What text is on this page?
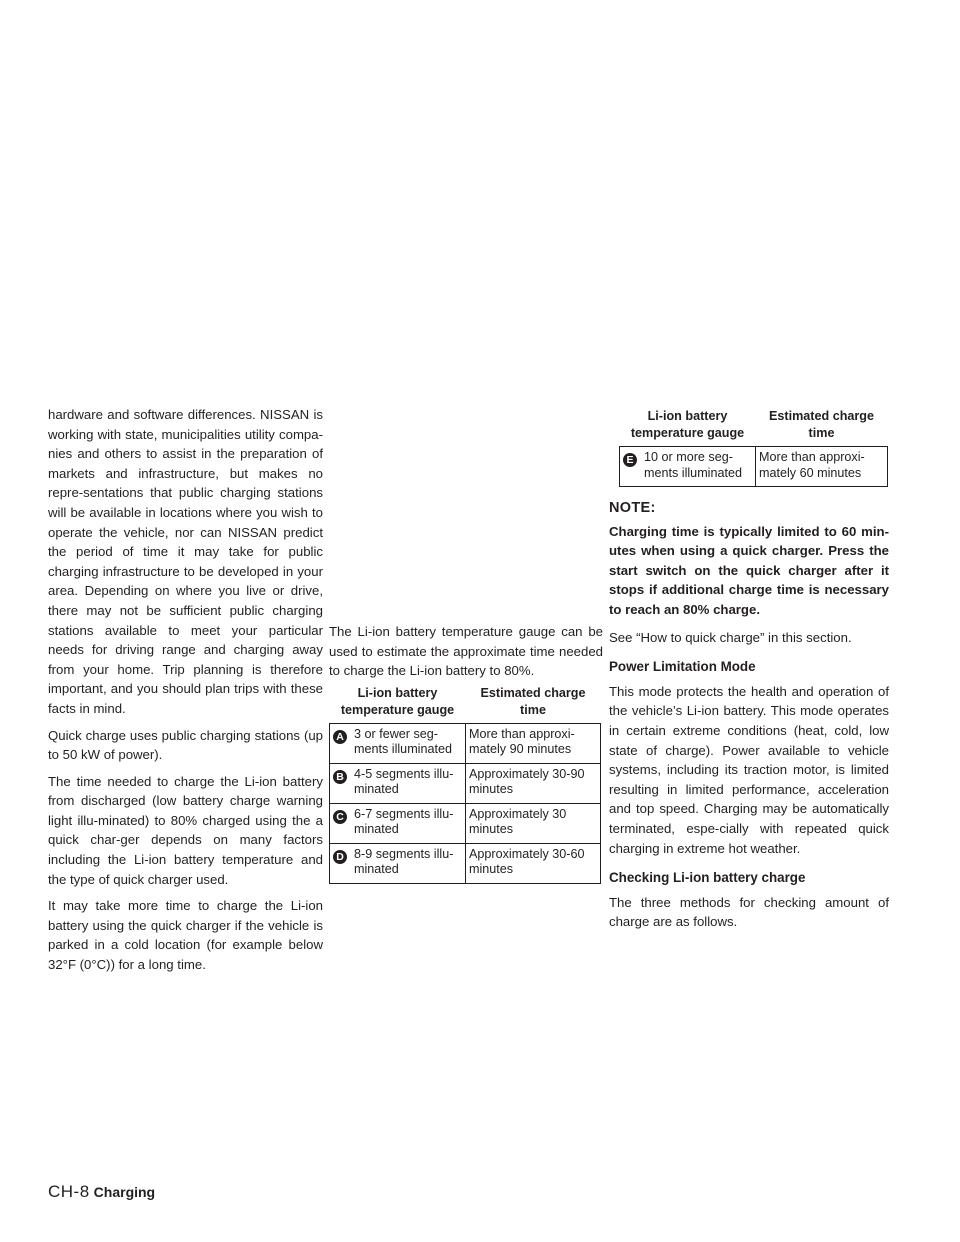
hardware and software differences. NISSAN is working with state, municipalities utility compa-nies and others to assist in the preparation of markets and infrastructure, but makes no repre-sentations that public charging stations will be available in locations where you wish to operate the vehicle, nor can NISSAN predict the period of time it may take for public charging infrastructure to be developed in your area. Depending on where you live or drive, there may not be sufficient public charging stations available to meet your particular needs for driving range and charging away from your home. Trip planning is therefore important, and you should plan trips with these facts in mind.

Quick charge uses public charging stations (up to 50 kW of power).

The time needed to charge the Li-ion battery from discharged (low battery charge warning light illu-minated) to 80% charged using the a quick char-ger depends on many factors including the Li-ion battery temperature and the type of quick charger used.

It may take more time to charge the Li-ion battery using the quick charger if the vehicle is parked in a cold location (for example below 32°F (0°C)) for a long time.

The Li-ion battery temperature gauge can be used to estimate the approximate time needed to charge the Li-ion battery to 80%.

Li-ion battery temperature gauge		Estimated charge time
A	3 or fewer seg-ments illuminated	More than approxi-mately 90 minutes
B	4-5 segments illu-minated	Approximately 30-90 minutes
C	6-7 segments illu-minated	Approximately 30 minutes
D	8-9 segments illu-minated	Approximately 30-60 minutes
Li-ion battery temperature gauge		Estimated charge time
E	10 or more seg-ments illuminated	More than approxi-mately 60 minutes
NOTE:

Charging time is typically limited to 60 min-utes when using a quick charger. Press the start switch on the quick charger after it stops if additional charge time is necessary to reach an 80% charge.

See “How to quick charge” in this section.

Power Limitation Mode

This mode protects the health and operation of the vehicle’s Li-ion battery. This mode operates in certain extreme conditions (heat, cold, low state of charge). Power available to vehicle systems, including its traction motor, is limited resulting in limited performance, acceleration and top speed. Charging may be automatically terminated, espe-cially with repeated quick charging in extreme hot weather.

Checking Li-ion battery charge

The three methods for checking amount of charge are as follows.

CH-8 Charging
